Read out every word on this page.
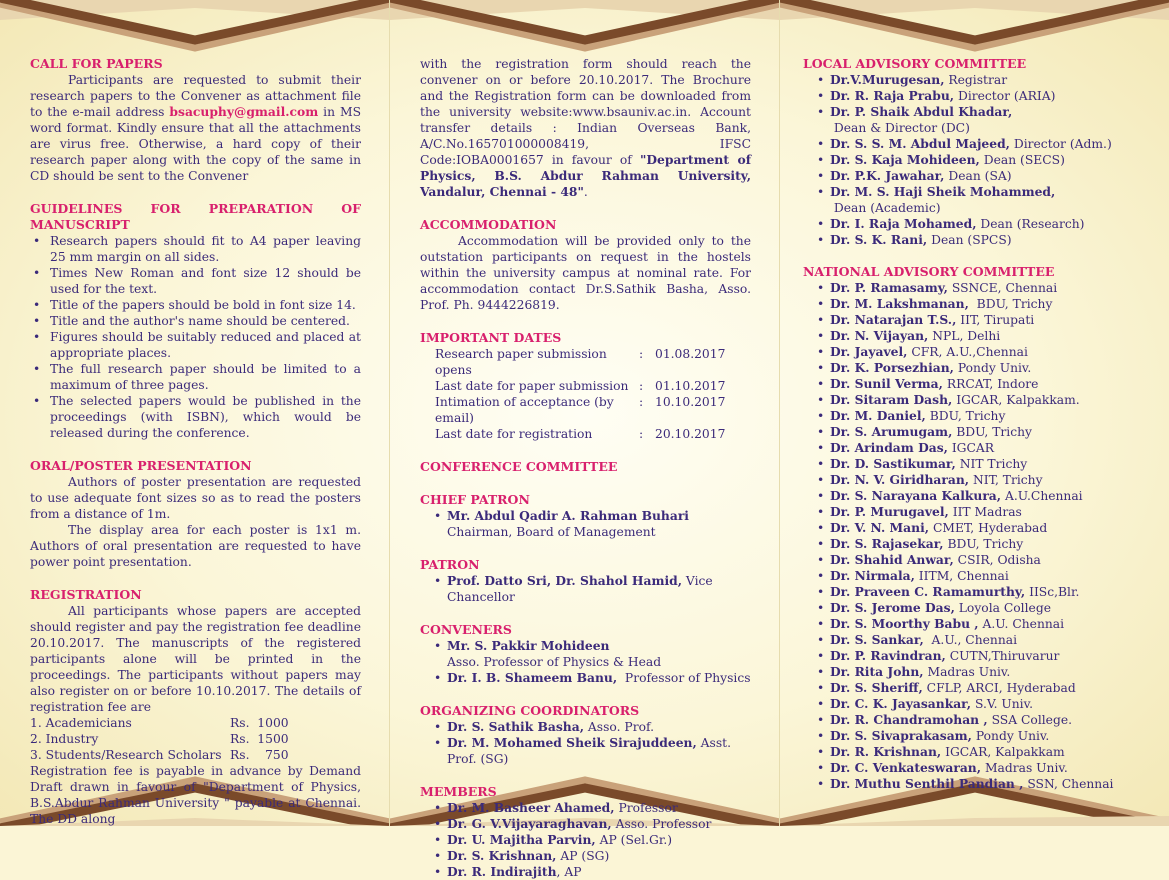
CALL FOR PAPERS

Participants are requested to submit their research papers to the Convener as attachment file to the e-mail address bsacuphy@gmail.com in MS word format. Kindly ensure that all the attachments are virus free. Otherwise, a hard copy of their research paper along with the copy of the same in CD should be sent to the Convener

GUIDELINES FOR PREPARATION OF MANUSCRIPT

• Research papers should fit to A4 paper leaving 25 mm margin on all sides.
• Times New Roman and font size 12 should be used for the text.
• Title of the papers should be bold in font size 14.
• Title and the author's name should be centered.
• Figures should be suitably reduced and placed at appropriate places.
• The full research paper should be limited to a maximum of three pages.
• The selected papers would be published in the proceedings (with ISBN), which would be released during the conference.

ORAL/POSTER PRESENTATION

Authors of poster presentation are requested to use adequate font sizes so as to read the posters from a distance of 1m.

The display area for each poster is 1x1 m. Authors of oral presentation are requested to have power point presentation.

REGISTRATION

All participants whose papers are accepted should register and pay the registration fee deadline 20.10.2017. The manuscripts of the registered participants alone will be printed in the proceedings. The participants without papers may also register on or before 10.10.2017. The details of registration fee are

1. Academicians	Rs.  1000
2. Industry	Rs.  1500
3. Students/Research Scholars Rs.    750

Registration fee is payable in advance by Demand Draft drawn in favour of "Department of Physics, B.S.Abdur Rahman University " payable at Chennai. The DD along

with the registration form should reach the convener on or before 20.10.2017. The Brochure and the Registration form can be downloaded from the university website:www.bsauniv.ac.in. Account transfer details : Indian Overseas Bank, A/C.No.165701000008419, IFSC Code:IOBA0001657 in favour of "Department of Physics, B.S. Abdur Rahman University, Vandalur, Chennai - 48".

ACCOMMODATION

Accommodation will be provided only to the outstation participants on request in the hostels within the university campus at nominal rate. For accommodation contact Dr.S.Sathik Basha, Asso. Prof. Ph. 9444226819.

IMPORTANT DATES

Research paper submission opens
: 01.08.2017
Last date for paper submission : 01.10.2017
Intimation of acceptance (by email)
: 10.10.2017
Last date for registration	: 20.10.2017

CONFERENCE COMMITTEE

CHIEF PATRON

• Mr. Abdul Qadir A. Rahman Buhari
Chairman, Board of Management

PATRON

• Prof. Datto Sri, Dr. Shahol Hamid, Vice Chancellor

CONVENERS

• Mr. S. Pakkir Mohideen
Asso. Professor of Physics & Head
• Dr. I. B. Shameem Banu,  Professor of Physics

ORGANIZING COORDINATORS

• Dr. S. Sathik Basha, Asso. Prof.
• Dr. M. Mohamed Sheik Sirajuddeen, Asst. Prof. (SG)

MEMBERS

• Dr. M. Basheer Ahamed, Professor
• Dr. G. V.Vijayaraghavan, Asso. Professor
• Dr. U. Majitha Parvin, AP (Sel.Gr.)
• Dr. S. Krishnan, AP (SG)
• Dr. R. Indirajith, AP

LOCAL ADVISORY COMMITTEE

• Dr.V.Murugesan, Registrar
• Dr. R. Raja Prabu, Director (ARIA)
• Dr. P. Shaik Abdul Khadar, Dean & Director (DC)
• Dr. S. S. M. Abdul Majeed, Director (Adm.)
• Dr. S. Kaja Mohideen, Dean (SECS)
• Dr. P.K. Jawahar, Dean (SA)
• Dr. M. S. Haji Sheik Mohammed, Dean (Academic)
• Dr. I. Raja Mohamed, Dean (Research)
• Dr. S. K. Rani, Dean (SPCS)

NATIONAL ADVISORY COMMITTEE

• Dr. P. Ramasamy, SSNCE, Chennai
• Dr. M. Lakshmanan,  BDU, Trichy
• Dr. Natarajan T.S., IIT, Tirupati
• Dr. N. Vijayan, NPL, Delhi
• Dr. Jayavel, CFR, A.U.,Chennai
• Dr. K. Porsezhian, Pondy Univ.
• Dr. Sunil Verma, RRCAT, Indore
• Dr. Sitaram Dash, IGCAR, Kalpakkam.
• Dr. M. Daniel, BDU, Trichy
• Dr. S. Arumugam, BDU, Trichy
• Dr. Arindam Das, IGCAR
• Dr. D. Sastikumar, NIT Trichy
• Dr. N. V. Giridharan, NIT, Trichy
• Dr. S. Narayana Kalkura, A.U.Chennai
• Dr. P. Murugavel, IIT Madras
• Dr. V. N. Mani, CMET, Hyderabad
• Dr. S. Rajasekar, BDU, Trichy
• Dr. Shahid Anwar, CSIR, Odisha
• Dr. Nirmala, IITM, Chennai
• Dr. Praveen C. Ramamurthy, IISc,Blr.
• Dr. S. Jerome Das, Loyola College
• Dr. S. Moorthy Babu , A.U. Chennai
• Dr. S. Sankar,  A.U., Chennai
• Dr. P. Ravindran, CUTN,Thiruvarur
• Dr. Rita John, Madras Univ.
• Dr. S. Sheriff, CFLP, ARCI, Hyderabad
• Dr. C. K. Jayasankar, S.V. Univ.
• Dr. R. Chandramohan , SSA College.
• Dr. S. Sivaprakasam, Pondy Univ.
• Dr. R. Krishnan, IGCAR, Kalpakkam
• Dr. C. Venkateswaran, Madras Univ.
• Dr. Muthu Senthil Pandian , SSN, Chennai
